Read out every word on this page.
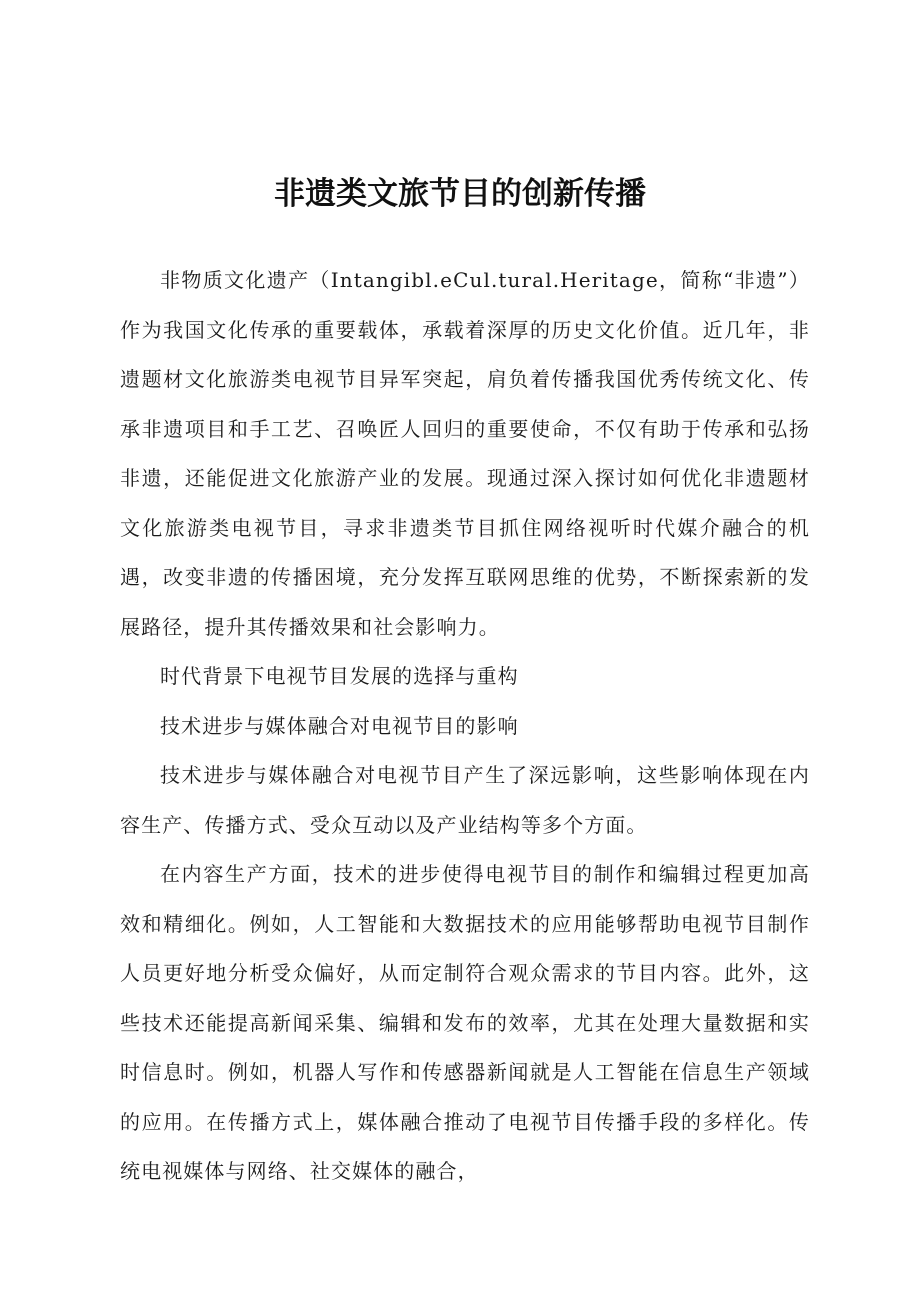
非遗类文旅节目的创新传播

非物质文化遗产（Intangibl.eCul.tural.Heritage，简称“非遗”）作为我国文化传承的重要载体，承载着深厚的历史文化价值。近几年，非遗题材文化旅游类电视节目异军突起，肩负着传播我国优秀传统文化、传承非遗项目和手工艺、召唤匠人回归的重要使命，不仅有助于传承和弘扬非遗，还能促进文化旅游产业的发展。现通过深入探讨如何优化非遗题材文化旅游类电视节目，寻求非遗类节目抓住网络视听时代媒介融合的机遇，改变非遗的传播困境，充分发挥互联网思维的优势，不断探索新的发展路径，提升其传播效果和社会影响力。

时代背景下电视节目发展的选择与重构

技术进步与媒体融合对电视节目的影响

技术进步与媒体融合对电视节目产生了深远影响，这些影响体现在内容生产、传播方式、受众互动以及产业结构等多个方面。

在内容生产方面，技术的进步使得电视节目的制作和编辑过程更加高效和精细化。例如，人工智能和大数据技术的应用能够帮助电视节目制作人员更好地分析受众偏好，从而定制符合观众需求的节目内容。此外，这些技术还能提高新闻采集、编辑和发布的效率，尤其在处理大量数据和实时信息时。例如，机器人写作和传感器新闻就是人工智能在信息生产领域的应用。在传播方式上，媒体融合推动了电视节目传播手段的多样化。传统电视媒体与网络、社交媒体的融合，
